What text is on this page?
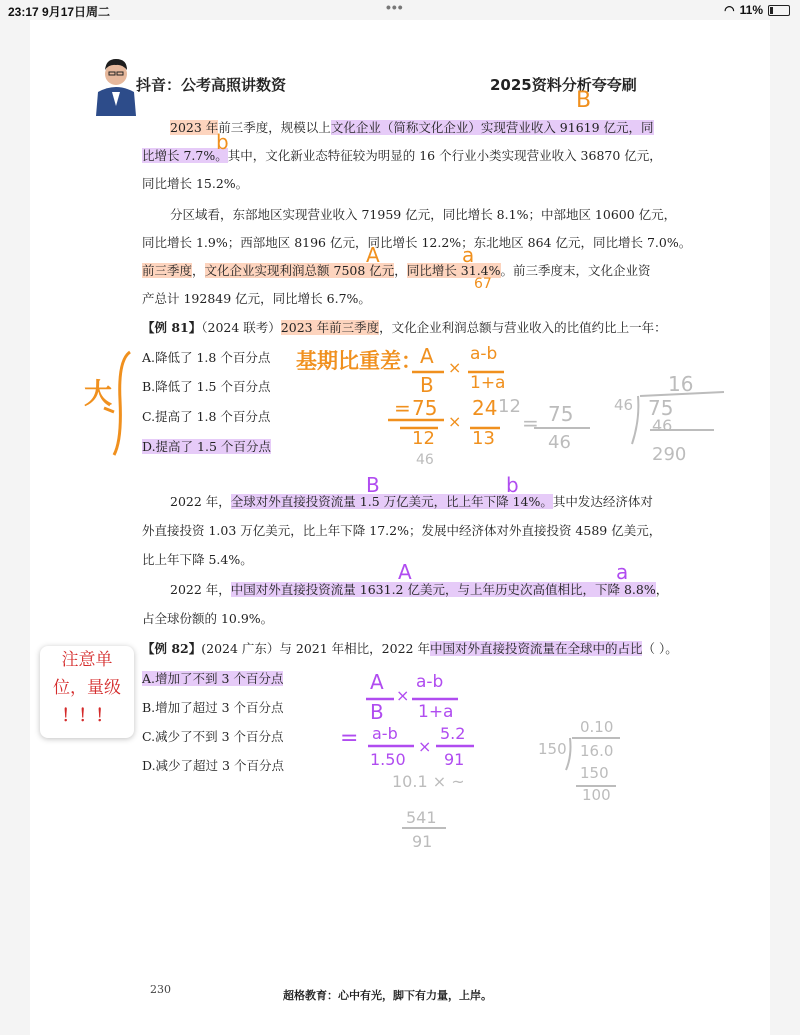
23:17 9月17日周二	•••	◠ 11%
抖音：公考高照讲数资	2025资料分析夸夸刷
2023 年前三季度，规模以上文化企业（简称文化企业）实现营业收入 91619 亿元，同
比增长 7.7%。其中，文化新业态特征较为明显的 16 个行业小类实现营业收入 36870 亿元，
同比增长 15.2%。
分区域看，东部地区实现营业收入 71959 亿元，同比增长 8.1%；中部地区 10600 亿元，
同比增长 1.9%；西部地区 8196 亿元，同比增长 12.2%；东北地区 864 亿元，同比增长 7.0%。
前三季度，文化企业实现利润总额 7508 亿元，同比增长 31.4%。前三季度末，文化企业资
产总计 192849 亿元，同比增长 6.7%。
【例 81】（2024 联考）2023 年前三季度，文化企业利润总额与营业收入的比值约比上一年：
A.降低了 1.8 个百分点
B.降低了 1.5 个百分点
C.提高了 1.8 个百分点
D.提高了 1.5 个百分点
2022 年，全球对外直接投资流量 1.5 万亿美元，比上年下降 14%。其中发达经济体对
外直接投资 1.03 万亿美元，比上年下降 17.2%；发展中经济体对外直接投资 4589 亿美元，
比上年下降 5.4%。
2022 年，中国对外直接投资流量 1631.2 亿美元，与上年历史次高值相比，下降 8.8%，
占全球份额的 10.9%。
【例 82】(2024 广东）与 2021 年相比，2022 年中国对外直接投资流量在全球中的占比（ ）。
A.增加了不到 3 个百分点
B.增加了超过 3 个百分点
C.减少了不到 3 个百分点
D.减少了超过 3 个百分点
注意单
位，量级
！！！
B
b
A	a
67
大
基期比重差：
A
B
×
a-b
1+a
= 75
12
×
24 12
13
46
= 75
46
16
46 75
46
290
B	b
A	a
A
B
×
a-b
1+a
= a-b
1.50
×
5.2
91
10.1 × ~
541
91
0.10
150 16.0
150
100
230	超格教育：心中有光，脚下有力量，上岸。
